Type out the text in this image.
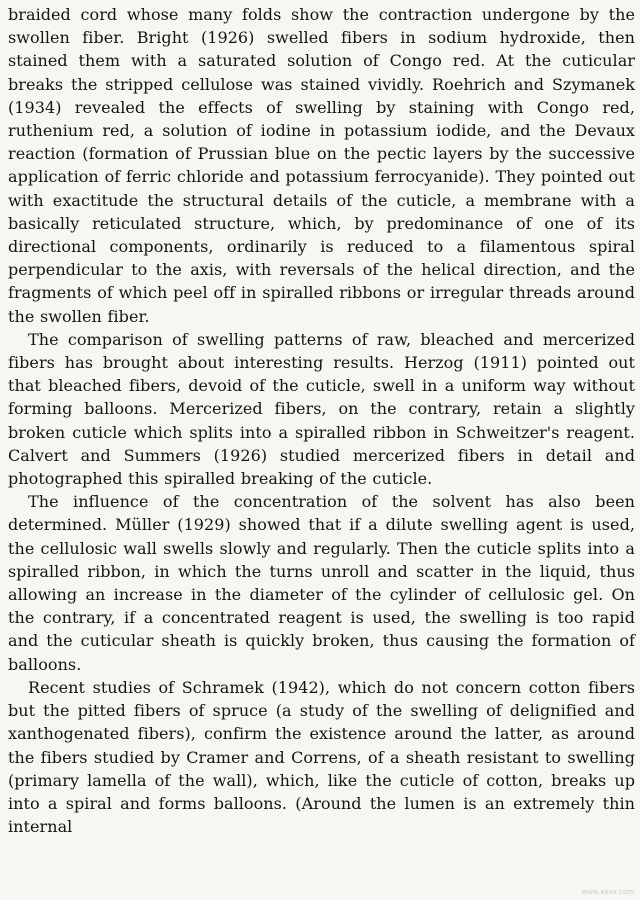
braided cord whose many folds show the contraction undergone by the swollen fiber. Bright (1926) swelled fibers in sodium hydroxide, then stained them with a saturated solution of Congo red. At the cuticular breaks the stripped cellulose was stained vividly. Roehrich and Szymanek (1934) revealed the effects of swelling by staining with Congo red, ruthenium red, a solution of iodine in potassium iodide, and the Devaux reaction (formation of Prussian blue on the pectic layers by the successive application of ferric chloride and potassium ferrocyanide). They pointed out with exactitude the structural details of the cuticle, a membrane with a basically reticulated structure, which, by predominance of one of its directional components, ordinarily is reduced to a filamentous spiral perpendicular to the axis, with reversals of the helical direction, and the fragments of which peel off in spiralled ribbons or irregular threads around the swollen fiber.

The comparison of swelling patterns of raw, bleached and mercerized fibers has brought about interesting results. Herzog (1911) pointed out that bleached fibers, devoid of the cuticle, swell in a uniform way without forming balloons. Mercerized fibers, on the contrary, retain a slightly broken cuticle which splits into a spiralled ribbon in Schweitzer's reagent. Calvert and Summers (1926) studied mercerized fibers in detail and photographed this spiralled breaking of the cuticle.

The influence of the concentration of the solvent has also been determined. Müller (1929) showed that if a dilute swelling agent is used, the cellulosic wall swells slowly and regularly. Then the cuticle splits into a spiralled ribbon, in which the turns unroll and scatter in the liquid, thus allowing an increase in the diameter of the cylinder of cellulosic gel. On the contrary, if a concentrated reagent is used, the swelling is too rapid and the cuticular sheath is quickly broken, thus causing the formation of balloons.

Recent studies of Schramek (1942), which do not concern cotton fibers but the pitted fibers of spruce (a study of the swelling of delignified and xanthogenated fibers), confirm the existence around the latter, as around the fibers studied by Cramer and Correns, of a sheath resistant to swelling (primary lamella of the wall), which, like the cuticle of cotton, breaks up into a spiral and forms balloons. (Around the lumen is an extremely thin internal

www.xxxx.com
